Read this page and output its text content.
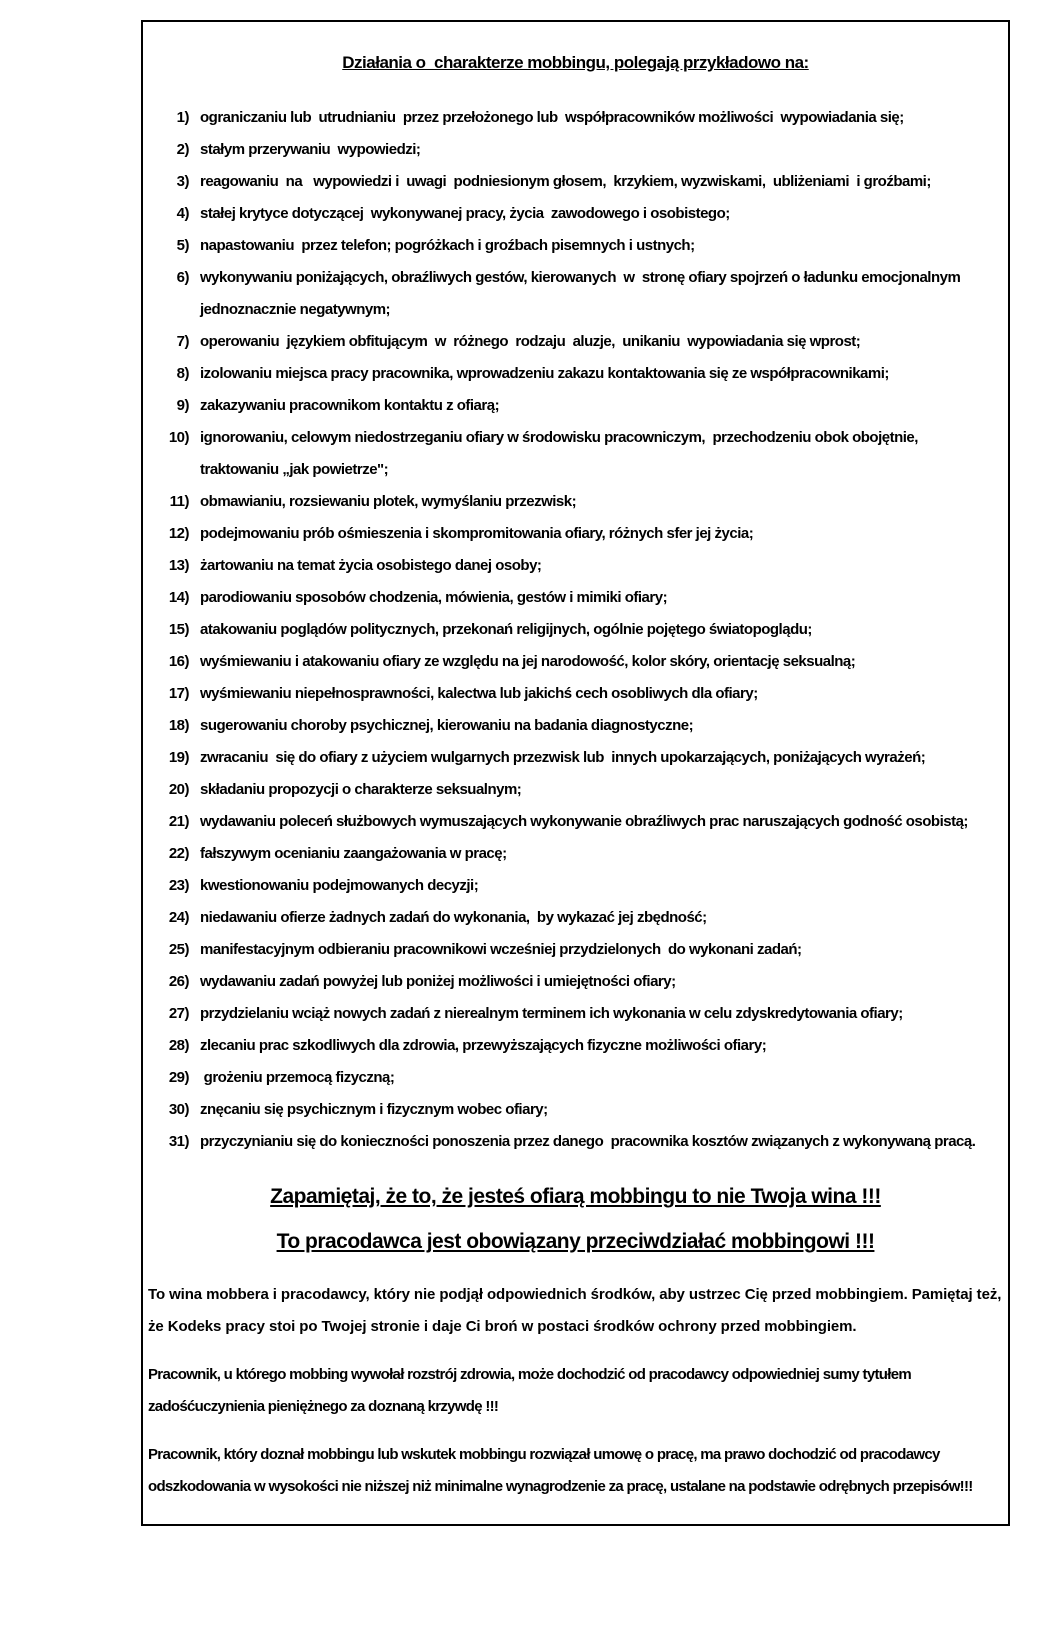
Działania o  charakterze mobbingu, polegają przykładowo na:
1) ograniczaniu lub  utrudnianiu  przez przełożonego lub  współpracowników możliwości  wypowiadania się;
2) stałym przerywaniu  wypowiedzi;
3) reagowaniu  na   wypowiedzi i  uwagi  podniesionym głosem,  krzykiem, wyzwiskami,  ubliżeniami  i groźbami;
4) stałej krytyce dotyczącej  wykonywanej pracy, życia  zawodowego i osobistego;
5) napastowaniu  przez telefon; pogróżkach i groźbach pisemnych i ustnych;
6) wykonywaniu poniżających, obraźliwych gestów, kierowanych  w  stronę ofiary spojrzeń o ładunku emocjonalnym jednoznacznie negatywnym;
7) operowaniu  językiem obfitującym  w  różnego  rodzaju  aluzje,  unikaniu  wypowiadania się wprost;
8) izolowaniu miejsca pracy pracownika, wprowadzeniu zakazu kontaktowania się ze współpracownikami;
9) zakazywaniu pracownikom kontaktu z ofiarą;
10) ignorowaniu, celowym niedostrzeganiu ofiary w środowisku pracowniczym,  przechodzeniu obok obojętnie, traktowaniu „jak powietrze";
11) obmawianiu, rozsiewaniu plotek, wymyślaniu przezwisk;
12) podejmowaniu prób ośmieszenia i skompromitowania ofiary, różnych sfer jej życia;
13) żartowaniu na temat życia osobistego danej osoby;
14) parodiowaniu sposobów chodzenia, mówienia, gestów i mimiki ofiary;
15) atakowaniu poglądów politycznych, przekonań religijnych, ogólnie pojętego światopoglądu;
16) wyśmiewaniu i atakowaniu ofiary ze względu na jej narodowość, kolor skóry, orientację seksualną;
17) wyśmiewaniu niepełnosprawności, kalectwa lub jakichś cech osobliwych dla ofiary;
18) sugerowaniu choroby psychicznej, kierowaniu na badania diagnostyczne;
19) zwracaniu  się do ofiary z użyciem wulgarnych przezwisk lub  innych upokarzających, poniżających wyrażeń;
20) składaniu propozycji o charakterze seksualnym;
21) wydawaniu poleceń służbowych wymuszających wykonywanie obraźliwych prac naruszających godność osobistą;
22) fałszywym ocenianiu zaangażowania w pracę;
23) kwestionowaniu podejmowanych decyzji;
24) niedawaniu ofierze żadnych zadań do wykonania,  by wykazać jej zbędność;
25) manifestacyjnym odbieraniu pracownikowi wcześniej przydzielonych  do wykonani zadań;
26) wydawaniu zadań powyżej lub poniżej możliwości i umiejętności ofiary;
27) przydzielaniu wciąż nowych zadań z nierealnym terminem ich wykonania w celu zdyskredytowania ofiary;
28) zlecaniu prac szkodliwych dla zdrowia, przewyższających fizyczne możliwości ofiary;
29) grożeniu przemocą fizyczną;
30) znęcaniu się psychicznym i fizycznym wobec ofiary;
31) przyczynianiu się do konieczności ponoszenia przez danego  pracownika kosztów związanych z wykonywaną pracą.
Zapamiętaj, że to, że jesteś ofiarą mobbingu to nie Twoja wina !!!
To pracodawca jest obowiązany przeciwdziałać mobbingowi !!!

To wina mobbera i pracodawcy, który nie podjął odpowiednich środków, aby ustrzec Cię przed mobbingiem. Pamiętaj też, że Kodeks pracy stoi po Twojej stronie i daje Ci broń w postaci środków ochrony przed mobbingiem.

Pracownik, u którego mobbing wywołał rozstrój zdrowia, może dochodzić od pracodawcy odpowiedniej sumy tytułem zadośćuczynienia pieniężnego za doznaną krzywdę !!!

Pracownik, który doznał mobbingu lub wskutek mobbingu rozwiązał umowę o pracę, ma prawo dochodzić od pracodawcy odszkodowania w wysokości nie niższej niż minimalne wynagrodzenie za pracę, ustalane na podstawie odrębnych przepisów!!!
